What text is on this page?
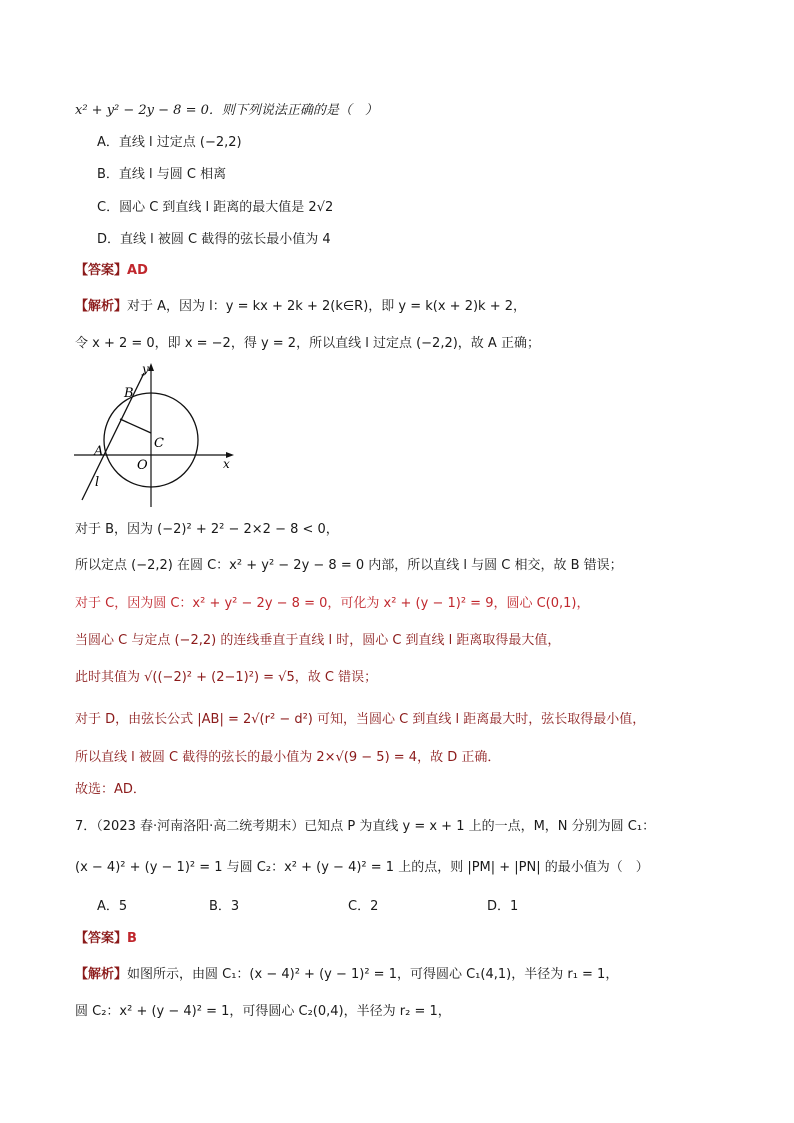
x² + y² − 2y − 8 = 0．则下列说法正确的是（　）
A．直线 l 过定点 (−2,2)
B．直线 l 与圆 C 相离
C．圆心 C 到直线 l 距离的最大值是 2√2
D．直线 l 被圆 C 截得的弦长最小值为 4
【答案】AD
【解析】对于 A，因为 l：y = kx + 2k + 2(k∈R)，即 y = k(x + 2)k + 2，
令 x + 2 = 0，即 x = −2，得 y = 2，所以直线 l 过定点 (−2,2)，故 A 正确；
y
x
B
A
C
O
l
对于 B，因为 (−2)² + 2² − 2×2 − 8 < 0，
所以定点 (−2,2) 在圆 C：x² + y² − 2y − 8 = 0 内部，所以直线 l 与圆 C 相交，故 B 错误；
对于 C，因为圆 C：x² + y² − 2y − 8 = 0，可化为 x² + (y − 1)² = 9，圆心 C(0,1)，
当圆心 C 与定点 (−2,2) 的连线垂直于直线 l 时，圆心 C 到直线 l 距离取得最大值，
此时其值为 √((−2)² + (2−1)²) = √5，故 C 错误；
对于 D，由弦长公式 |AB| = 2√(r² − d²) 可知，当圆心 C 到直线 l 距离最大时，弦长取得最小值，
所以直线 l 被圆 C 截得的弦长的最小值为 2×√(9 − 5) = 4，故 D 正确．
故选：AD．
7．（2023 春·河南洛阳·高二统考期末）已知点 P 为直线 y = x + 1 上的一点，M，N 分别为圆 C₁：
(x − 4)² + (y − 1)² = 1 与圆 C₂：x² + (y − 4)² = 1 上的点，则 |PM| + |PN| 的最小值为（　）
A．5	B．3	C．2	D．1
【答案】B
【解析】如图所示，由圆 C₁：(x − 4)² + (y − 1)² = 1，可得圆心 C₁(4,1)，半径为 r₁ = 1，
圆 C₂：x² + (y − 4)² = 1，可得圆心 C₂(0,4)，半径为 r₂ = 1，
